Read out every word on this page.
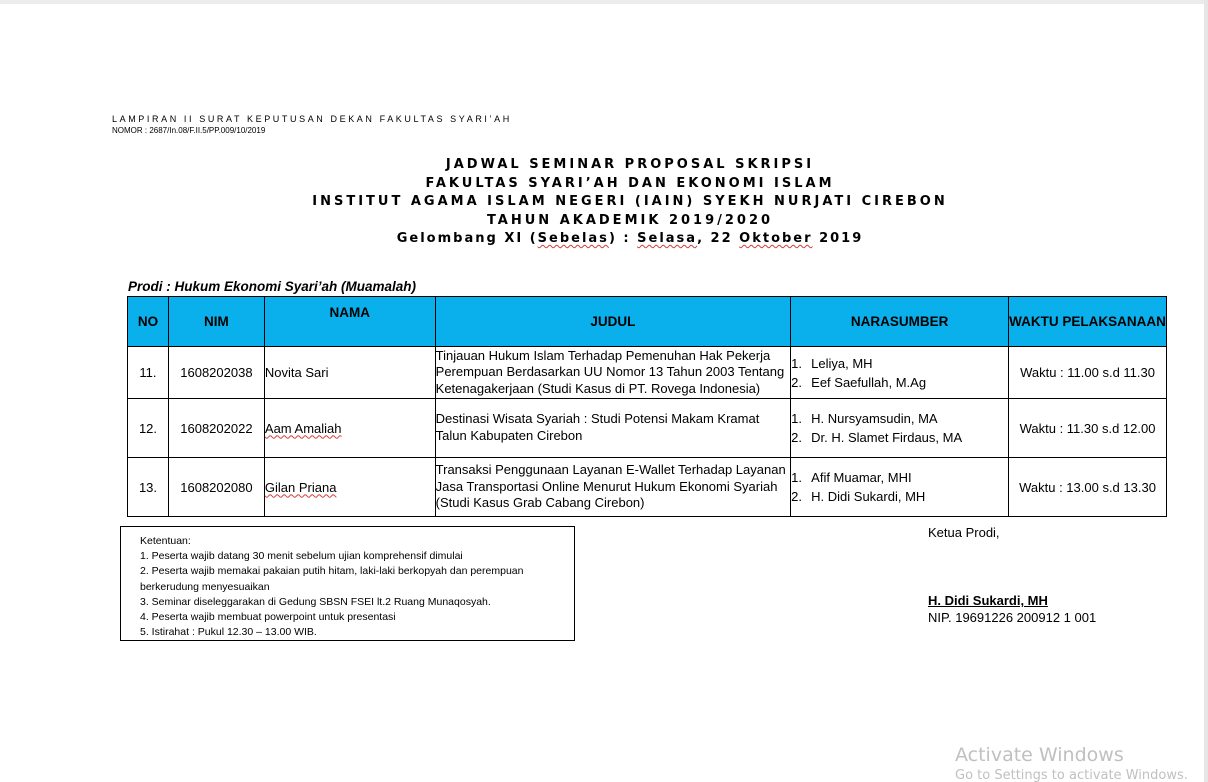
LAMPIRAN II SURAT KEPUTUSAN DEKAN FAKULTAS SYARI’AH
NOMOR : 2687/In.08/F.II.5/PP.009/10/2019
JADWAL SEMINAR PROPOSAL SKRIPSI
FAKULTAS SYARI’AH DAN EKONOMI ISLAM
INSTITUT AGAMA ISLAM NEGERI (IAIN) SYEKH NURJATI CIREBON
TAHUN AKADEMIK 2019/2020
Gelombang XI (Sebelas) : Selasa, 22 Oktober 2019
Prodi : Hukum Ekonomi Syari’ah (Muamalah)
NO	NIM	NAMA	JUDUL	NARASUMBER	WAKTU PELAKSANAAN
11.	1608202038	Novita Sari	Tinjauan Hukum Islam Terhadap Pemenuhan Hak Pekerja Perempuan Berdasarkan UU Nomor 13 Tahun 2003 Tentang Ketenagakerjaan (Studi Kasus di PT. Rovega Indonesia)	1. Leliya, MH
2. Eef Saefullah, M.Ag	Waktu : 11.00 s.d 11.30
12.	1608202022	Aam Amaliah	Destinasi Wisata Syariah : Studi Potensi Makam Kramat Talun Kabupaten Cirebon	1. H. Nursyamsudin, MA
2. Dr. H. Slamet Firdaus, MA	Waktu : 11.30 s.d 12.00
13.	1608202080	Gilan Priana	Transaksi Penggunaan Layanan E-Wallet Terhadap Layanan Jasa Transportasi Online Menurut Hukum Ekonomi Syariah (Studi Kasus Grab Cabang Cirebon)	1. Afif Muamar, MHI
2. H. Didi Sukardi, MH	Waktu : 13.00 s.d 13.30
Ketentuan:
1. Peserta wajib datang 30 menit sebelum ujian komprehensif dimulai
2. Peserta wajib memakai pakaian putih hitam, laki-laki berkopyah dan perempuan berkerudung menyesuaikan
3. Seminar diseleggarakan di Gedung SBSN FSEI lt.2 Ruang Munaqosyah.
4. Peserta wajib membuat powerpoint untuk presentasi
5. Istirahat : Pukul 12.30 – 13.00 WIB.
Ketua Prodi,
H. Didi Sukardi, MH
NIP. 19691226 200912 1 001
Activate Windows
Go to Settings to activate Windows.
